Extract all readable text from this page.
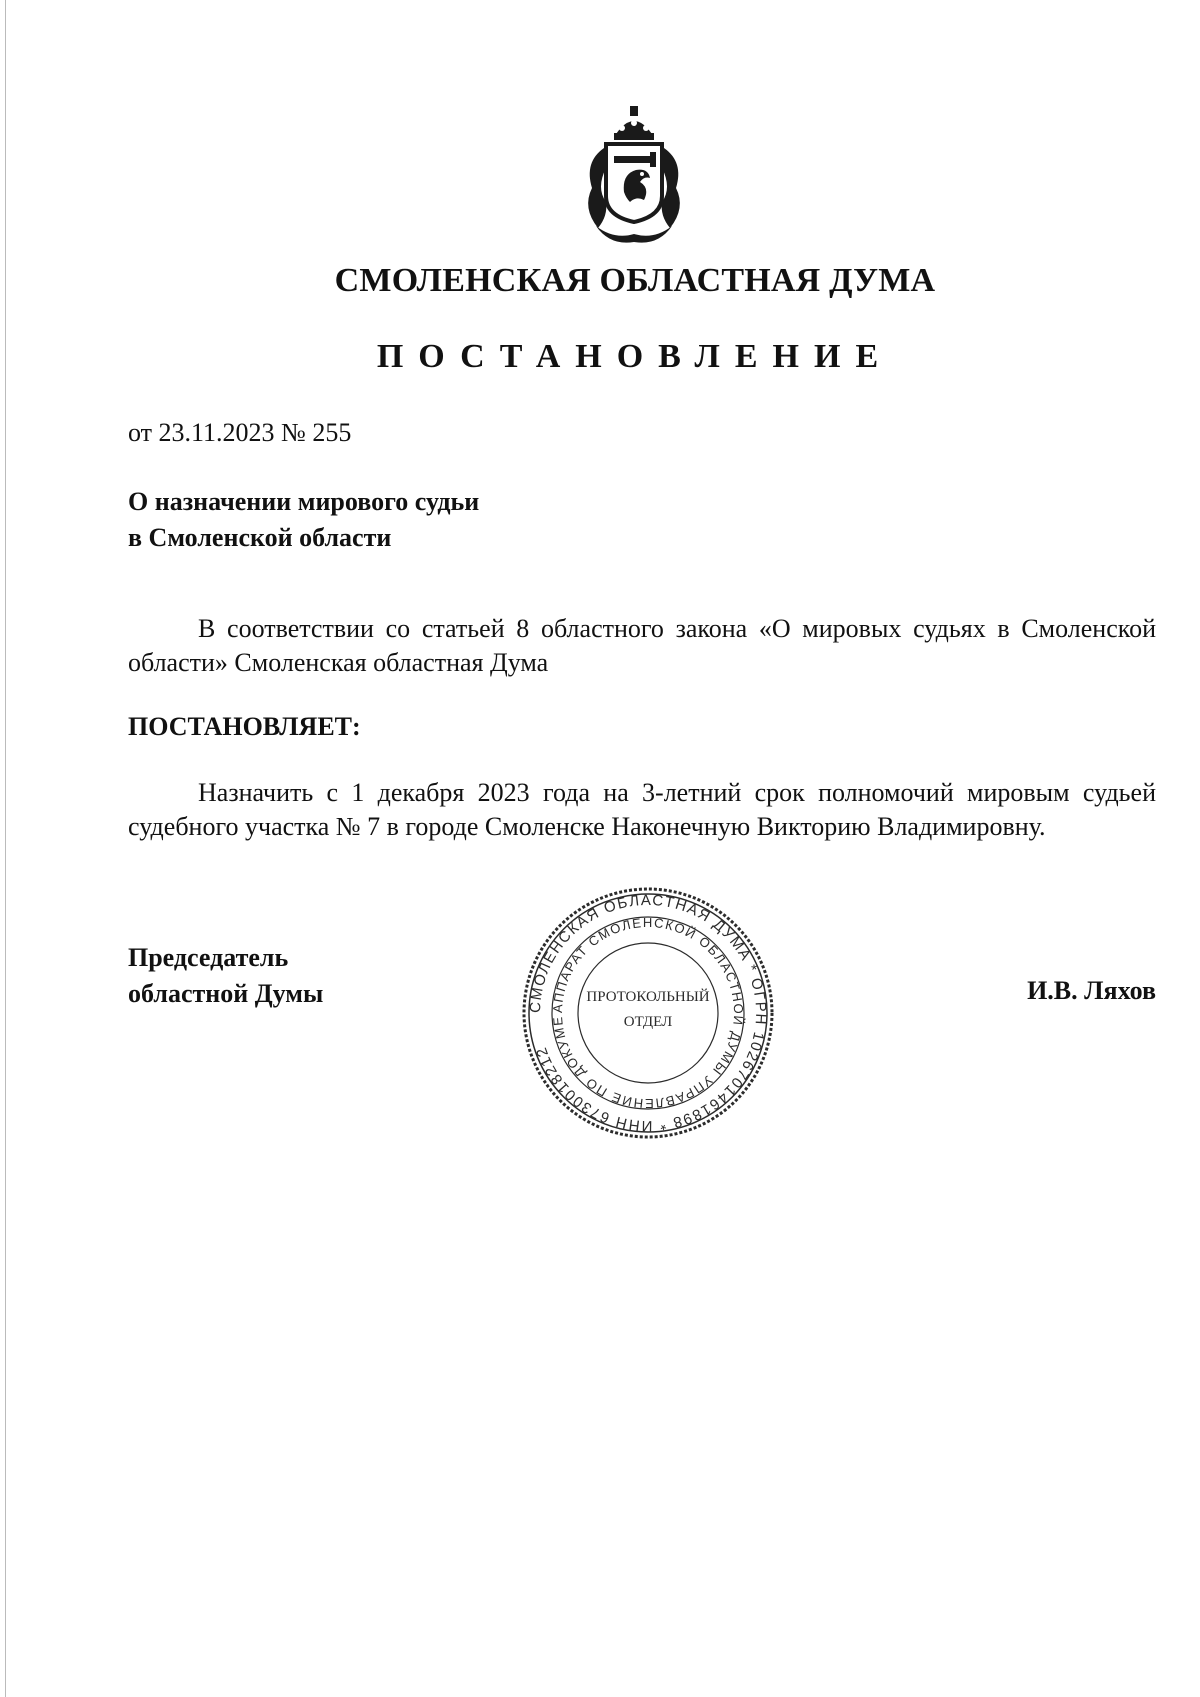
СМОЛЕНСКАЯ ОБЛАСТНАЯ ДУМА
ПОСТАНОВЛЕНИЕ
от 23.11.2023 № 255
О назначении мирового судьи
в Смоленской области
В соответствии со статьей 8 областного закона «О мировых судьях в Смоленской области» Смоленская областная Дума
ПОСТАНОВЛЯЕТ:
Назначить с 1 декабря 2023 года на 3-летний срок полномочий мировым судьей судебного участка № 7 в городе Смоленске Наконечную Викторию Владимировну.
Председатель
областной Думы	СМОЛЕНСКАЯ ОБЛАСТНАЯ ДУМА * ОГРН 1026701461898 * ИНН 6730018212
АППАРАТ СМОЛЕНСКОЙ ОБЛАСТНОЙ ДУМЫ УПРАВЛЕНИЕ ПО ДОКУМЕ
ПРОТОКОЛЬНЫЙ
ОТДЕЛ
И.В. Ляхов
